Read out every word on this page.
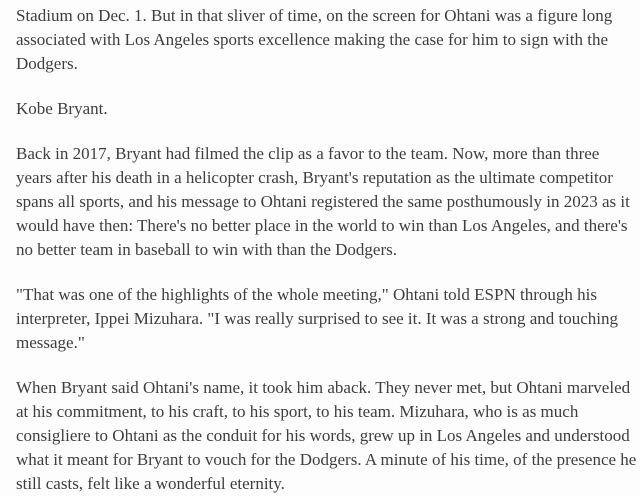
Stadium on Dec. 1. But in that sliver of time, on the screen for Ohtani was a figure long
associated with Los Angeles sports excellence making the case for him to sign with the
Dodgers.
Kobe Bryant.
Back in 2017, Bryant had filmed the clip as a favor to the team. Now, more than three
years after his death in a helicopter crash, Bryant's reputation as the ultimate competitor
spans all sports, and his message to Ohtani registered the same posthumously in 2023 as it
would have then: There's no better place in the world to win than Los Angeles, and there's
no better team in baseball to win with than the Dodgers.
"That was one of the highlights of the whole meeting," Ohtani told ESPN through his
interpreter, Ippei Mizuhara. "I was really surprised to see it. It was a strong and touching
message."
When Bryant said Ohtani's name, it took him aback. They never met, but Ohtani marveled
at his commitment, to his craft, to his sport, to his team. Mizuhara, who is as much
consigliere to Ohtani as the conduit for his words, grew up in Los Angeles and understood
what it meant for Bryant to vouch for the Dodgers. A minute of his time, of the presence he
still casts, felt like a wonderful eternity.
